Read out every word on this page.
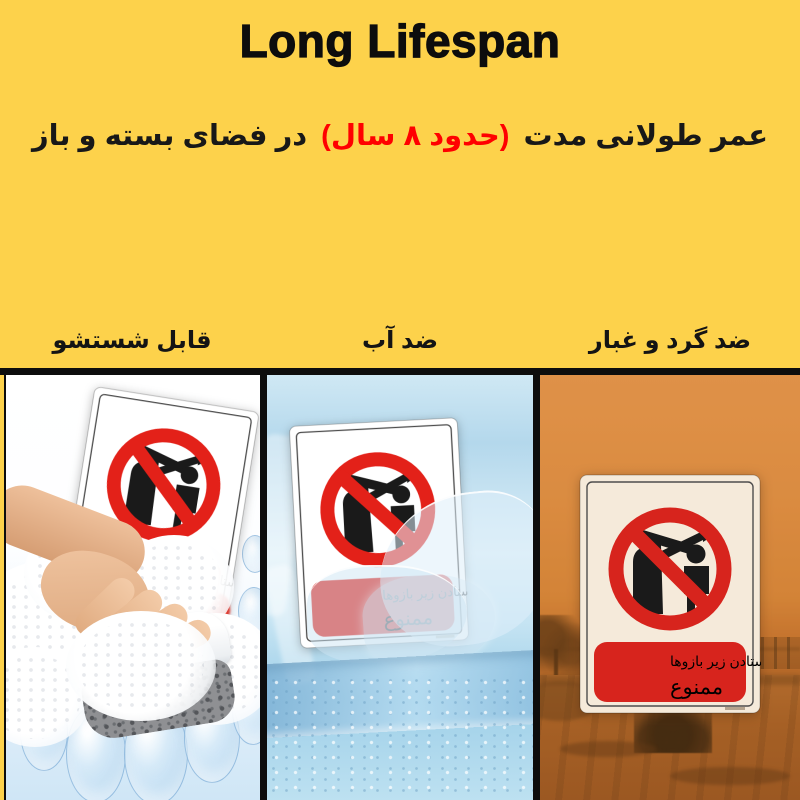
Long Lifespan
عمر طولانی مدت(حدود ۸ سال)در فضای بسته و باز
قابل شستشو	ضد آب	ضد گرد و غبار
